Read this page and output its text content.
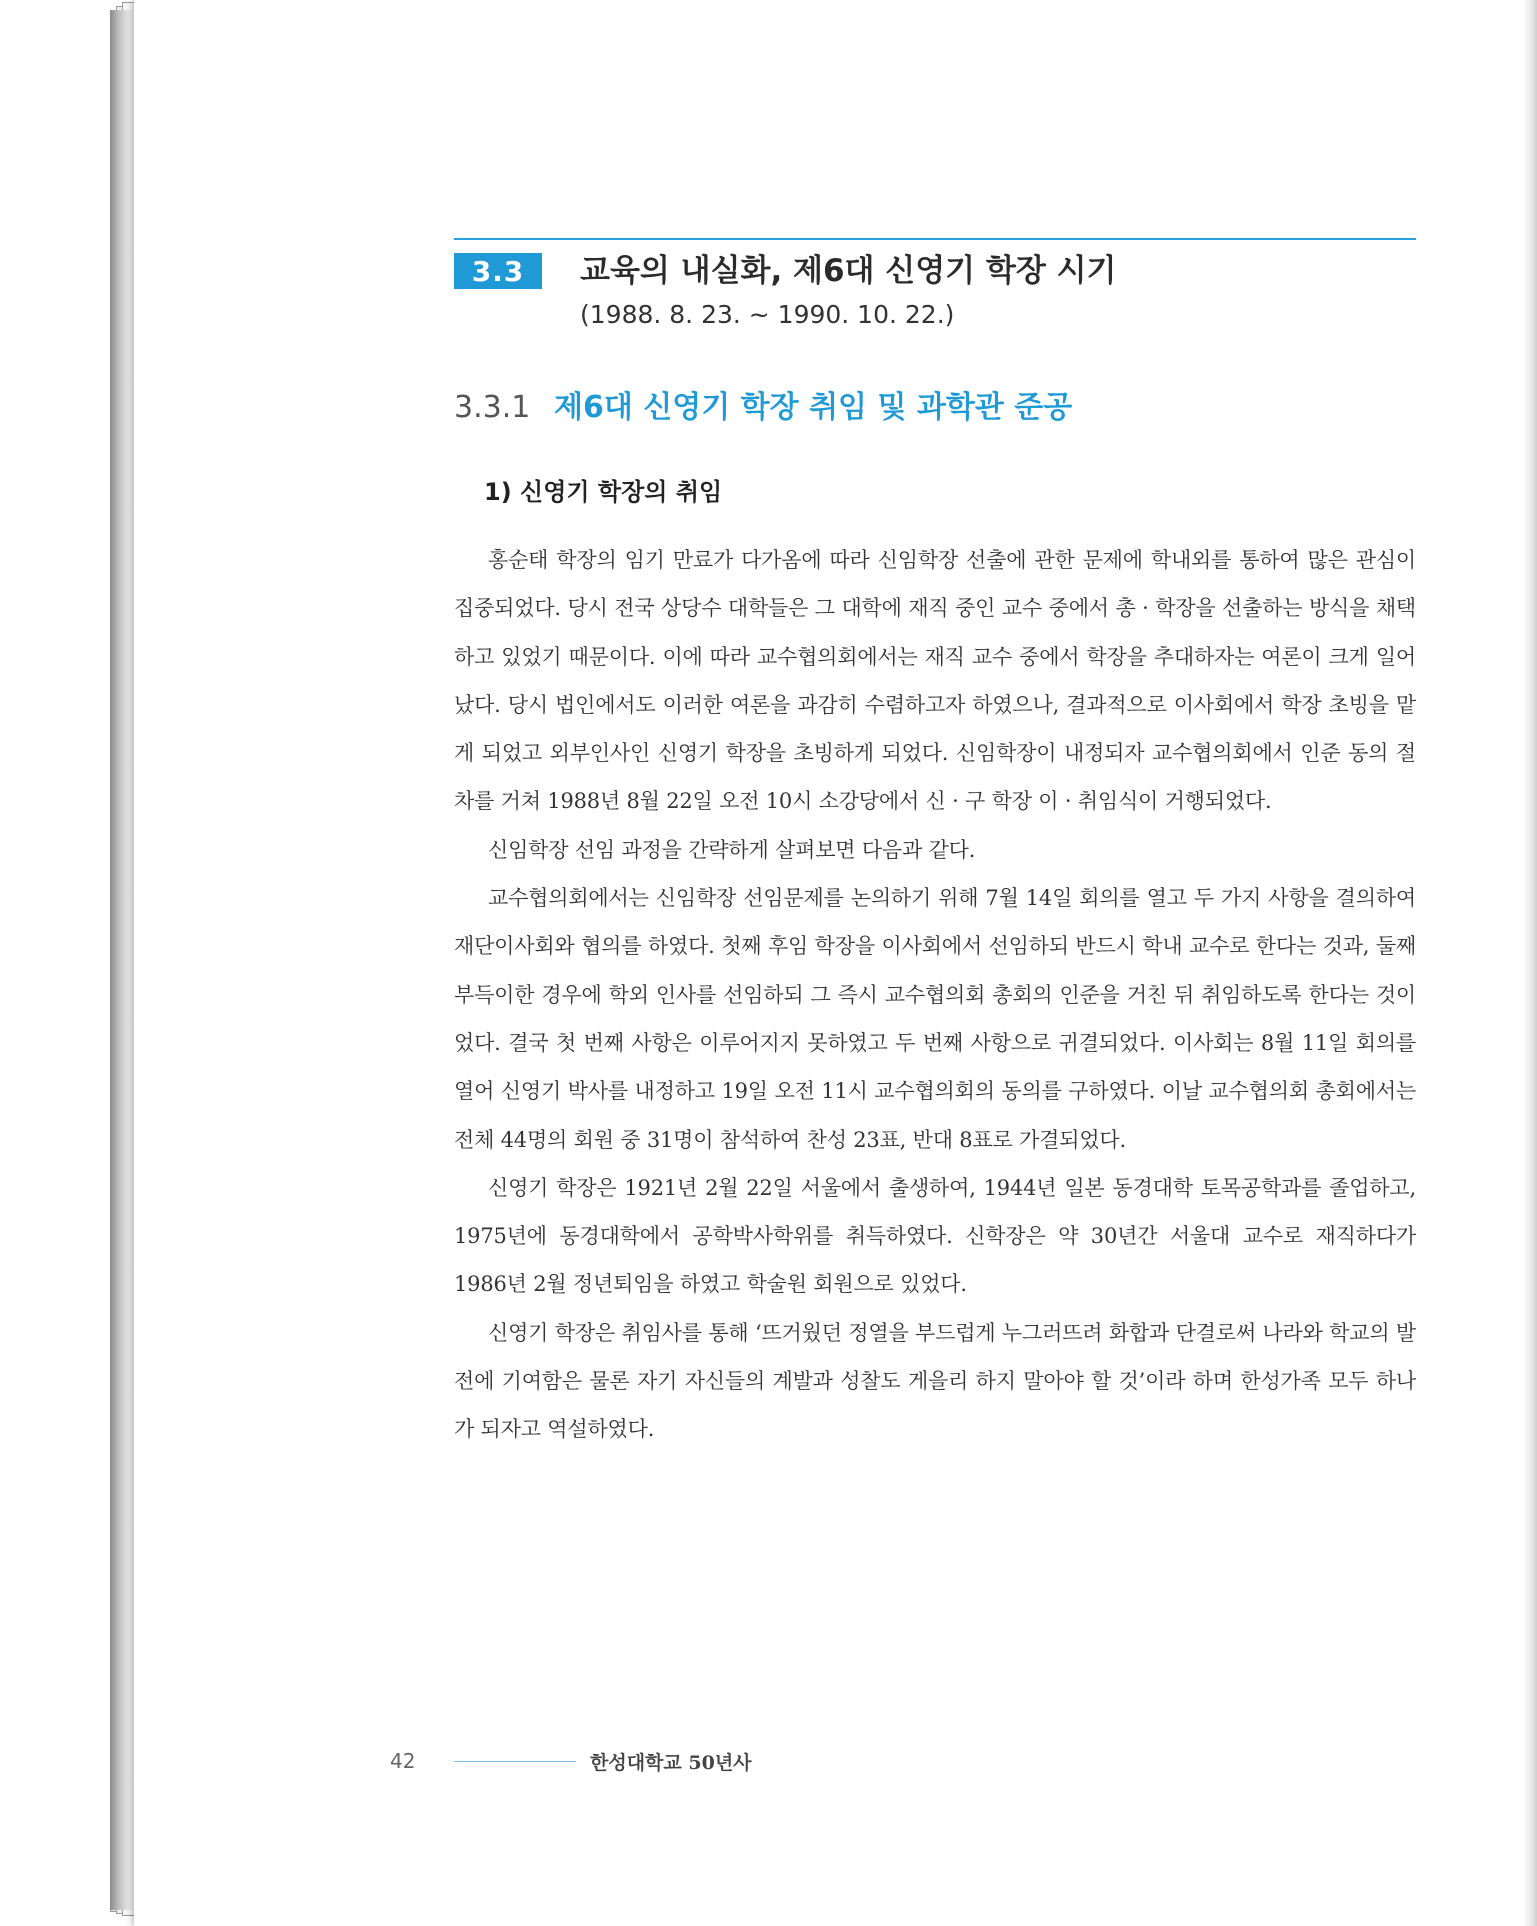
3.3	교육의 내실화, 제6대 신영기 학장 시기
(1988. 8. 23. ~ 1990. 10. 22.)
3.3.1 제6대 신영기 학장 취임 및 과학관 준공
1) 신영기 학장의 취임

홍순태 학장의 임기 만료가 다가옴에 따라 신임학장 선출에 관한 문제에 학내외를 통하여 많은 관심이 집중되었다. 당시 전국 상당수 대학들은 그 대학에 재직 중인 교수 중에서 총 · 학장을 선출하는 방식을 채택하고 있었기 때문이다. 이에 따라 교수협의회에서는 재직 교수 중에서 학장을 추대하자는 여론이 크게 일어났다. 당시 법인에서도 이러한 여론을 과감히 수렴하고자 하였으나, 결과적으로 이사회에서 학장 초빙을 맡게 되었고 외부인사인 신영기 학장을 초빙하게 되었다. 신임학장이 내정되자 교수협의회에서 인준 동의 절차를 거쳐 1988년 8월 22일 오전 10시 소강당에서 신 · 구 학장 이 · 취임식이 거행되었다.

신임학장 선임 과정을 간략하게 살펴보면 다음과 같다.

교수협의회에서는 신임학장 선임문제를 논의하기 위해 7월 14일 회의를 열고 두 가지 사항을 결의하여 재단이사회와 협의를 하였다. 첫째 후임 학장을 이사회에서 선임하되 반드시 학내 교수로 한다는 것과, 둘째 부득이한 경우에 학외 인사를 선임하되 그 즉시 교수협의회 총회의 인준을 거친 뒤 취임하도록 한다는 것이었다. 결국 첫 번째 사항은 이루어지지 못하였고 두 번째 사항으로 귀결되었다. 이사회는 8월 11일 회의를 열어 신영기 박사를 내정하고 19일 오전 11시 교수협의회의 동의를 구하였다. 이날 교수협의회 총회에서는 전체 44명의 회원 중 31명이 참석하여 찬성 23표, 반대 8표로 가결되었다.

신영기 학장은 1921년 2월 22일 서울에서 출생하여, 1944년 일본 동경대학 토목공학과를 졸업하고, 1975년에 동경대학에서 공학박사학위를 취득하였다. 신학장은 약 30년간 서울대 교수로 재직하다가 1986년 2월 정년퇴임을 하였고 학술원 회원으로 있었다.

신영기 학장은 취임사를 통해 ‘뜨거웠던 정열을 부드럽게 누그러뜨려 화합과 단결로써 나라와 학교의 발전에 기여함은 물론 자기 자신들의 계발과 성찰도 게을리 하지 말아야 할 것’이라 하며 한성가족 모두 하나가 되자고 역설하였다.

42	한성대학교 50년사
